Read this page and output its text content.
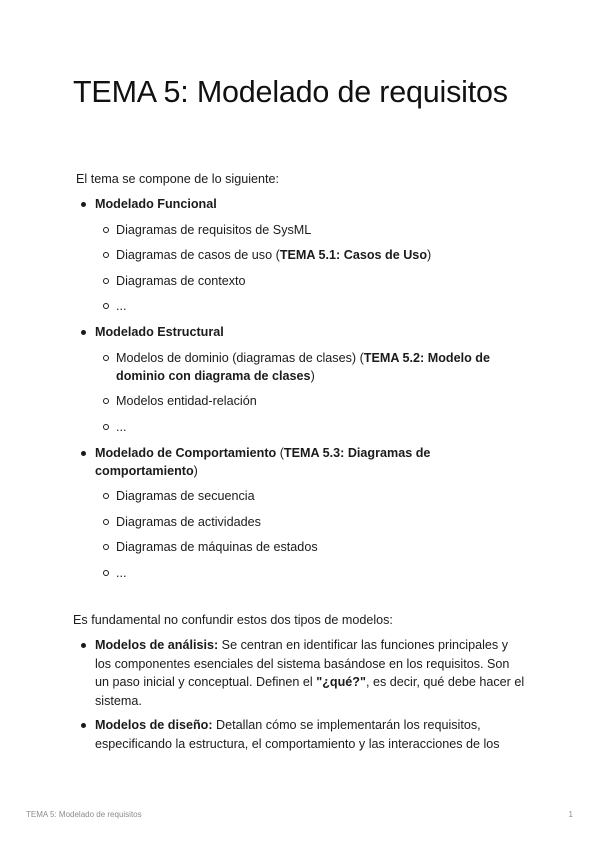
TEMA 5: Modelado de requisitos

El tema se compone de lo siguiente:

Modelado Funcional
Diagramas de requisitos de SysML
Diagramas de casos de uso (TEMA 5.1: Casos de Uso)
Diagramas de contexto
...
Modelado Estructural
Modelos de dominio (diagramas de clases) (TEMA 5.2: Modelo de dominio con diagrama de clases)
Modelos entidad-relación
...
Modelado de Comportamiento (TEMA 5.3: Diagramas de comportamiento)
Diagramas de secuencia
Diagramas de actividades
Diagramas de máquinas de estados
...

Es fundamental no confundir estos dos tipos de modelos:

Modelos de análisis: Se centran en identificar las funciones principales y los componentes esenciales del sistema basándose en los requisitos. Son un paso inicial y conceptual. Definen el "¿qué?", es decir, qué debe hacer el sistema.
Modelos de diseño: Detallan cómo se implementarán los requisitos, especificando la estructura, el comportamiento y las interacciones de los
TEMA 5: Modelado de requisitos	1
